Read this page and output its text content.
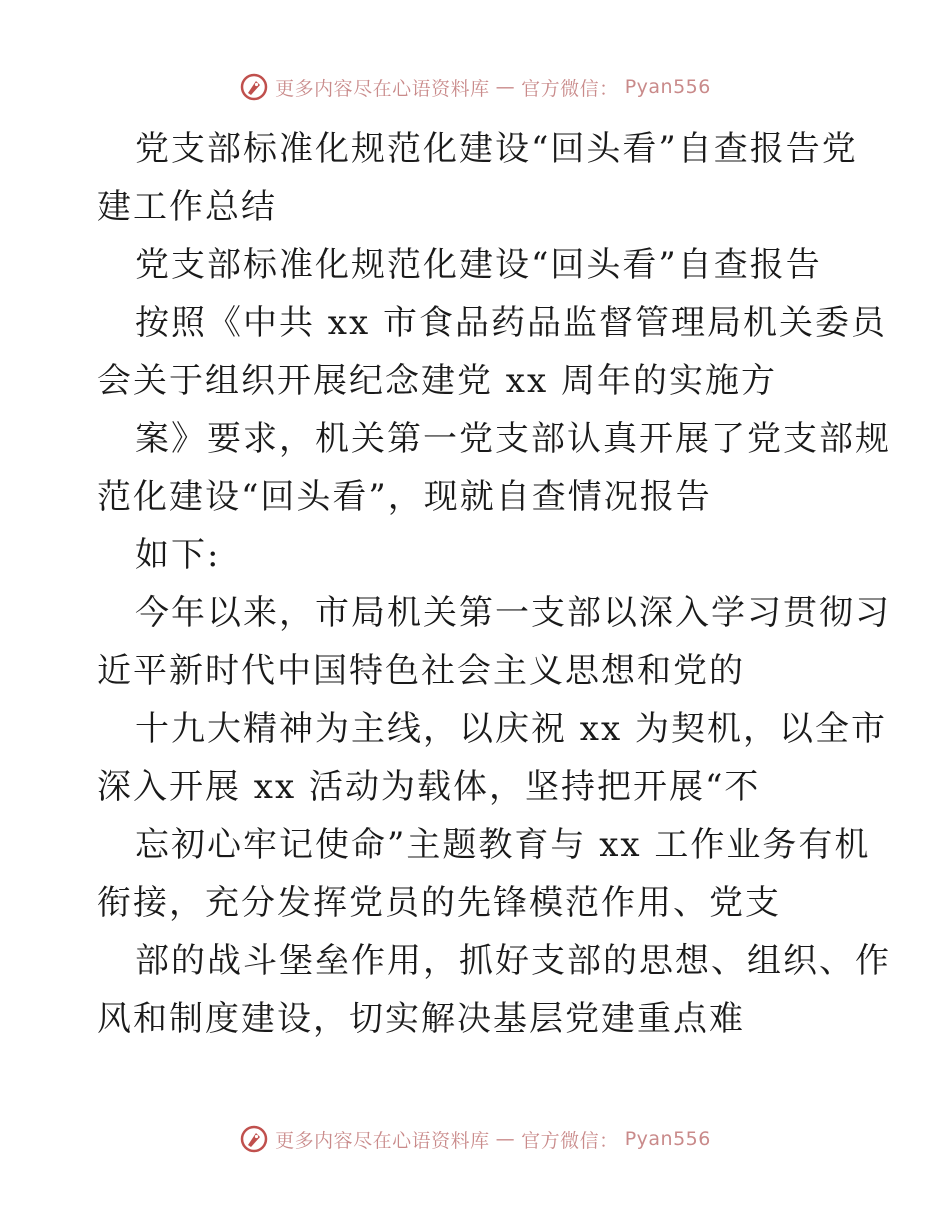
更多内容尽在心语资料库 — 官方微信： Pyan556
党支部标准化规范化建设“回头看”自查报告党
建工作总结
党支部标准化规范化建设“回头看”自查报告
按照《中共 xx 市食品药品监督管理局机关委员
会关于组织开展纪念建党 xx 周年的实施方
案》要求，机关第一党支部认真开展了党支部规
范化建设“回头看”，现就自查情况报告
如下:
今年以来，市局机关第一支部以深入学习贯彻习
近平新时代中国特色社会主义思想和党的
十九大精神为主线，以庆祝 xx 为契机，以全市
深入开展 xx 活动为载体，坚持把开展“不
忘初心牢记使命”主题教育与 xx 工作业务有机
衔接，充分发挥党员的先锋模范作用、党支
部的战斗堡垒作用，抓好支部的思想、组织、作
风和制度建设，切实解决基层党建重点难
更多内容尽在心语资料库 — 官方微信： Pyan556
